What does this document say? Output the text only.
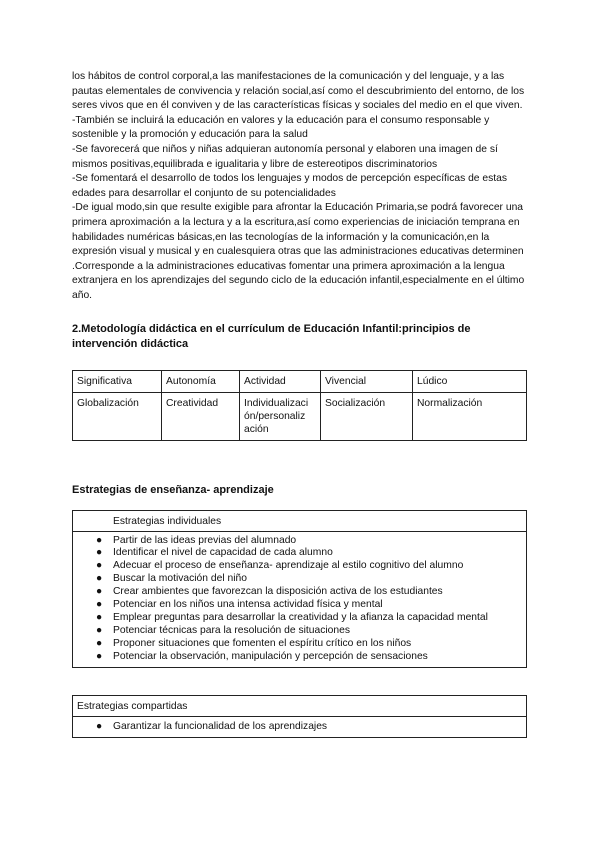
los hábitos de control corporal,a las manifestaciones de la comunicación y del lenguaje, y a las pautas elementales de convivencia y relación social,así como el descubrimiento del entorno, de los seres vivos que en él conviven y de las características físicas y sociales del medio en el que viven.

-También se incluirá la educación en valores y la educación para el consumo responsable y sostenible y la promoción y educación para la salud

-Se favorecerá que niños y niñas adquieran autonomía personal y elaboren una imagen de sí mismos positivas,equilibrada e igualitaria y libre de estereotipos discriminatorios

-Se fomentará el desarrollo de todos los lenguajes y modos de percepción específicas de estas edades para desarrollar el conjunto de su potencialidades

-De igual modo,sin que resulte exigible para afrontar la Educación Primaria,se podrá favorecer una primera aproximación a la lectura y a la escritura,así como experiencias de iniciación temprana en habilidades numéricas básicas,en las tecnologías de la información y la comunicación,en la expresión visual y musical y en cualesquiera otras que las administraciones educativas determinen

.Corresponde a la administraciones educativas fomentar una primera aproximación a la lengua extranjera en los aprendizajes del segundo ciclo de la educación infantil,especialmente en el último año.

2.Metodología didáctica en el currículum de Educación Infantil:principios de intervención didáctica

Significativa	Autonomía	Actividad	Vivencial	Lúdico
Globalización	Creatividad	Individualizaci ón/personaliz ación	Socialización	Normalización

Estrategias de enseñanza- aprendizaje

Estrategias individuales
● Partir de las ideas previas del alumnado
● Identificar el nivel de capacidad de cada alumno
● Adecuar el proceso de enseñanza- aprendizaje al estilo cognitivo del alumno
● Buscar la motivación del niño
● Crear ambientes que favorezcan la disposición activa de los estudiantes
● Potenciar en los niños una intensa actividad física y mental
● Emplear preguntas para desarrollar la creatividad y la afianza la capacidad mental
● Potenciar técnicas para la resolución de situaciones
● Proponer situaciones que fomenten el espíritu crítico en los niños
● Potenciar la observación, manipulación y percepción de sensaciones
Estrategias compartidas
● Garantizar la funcionalidad de los aprendizajes
